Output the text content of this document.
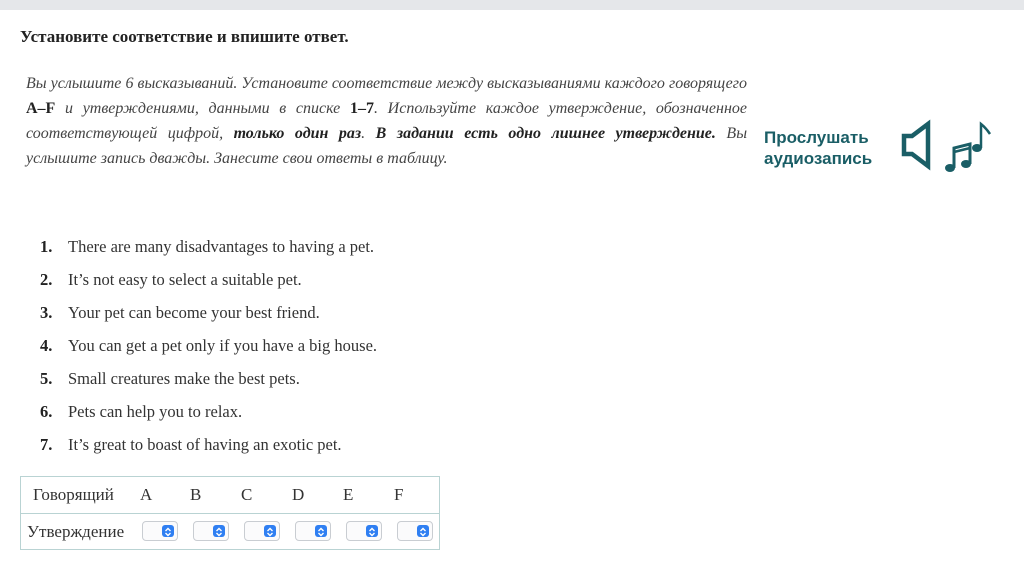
Установите соответствие и впишите ответ.
Вы услышите 6 высказываний. Установите соответствие между высказываниями каждого говорящего A–F и утверждениями, данными в списке 1–7. Используйте каждое утверждение, обозначенное соответствующей цифрой, только один раз. В задании есть одно лишнее утверждение. Вы услышите запись дважды. Занесите свои ответы в таблицу.
Прослушать
аудиозапись
1. There are many disadvantages to having a pet.
2. It’s not easy to select a suitable pet.
3. Your pet can become your best friend.
4. You can get a pet only if you have a big house.
5. Small creatures make the best pets.
6. Pets can help you to relax.
7. It’s great to boast of having an exotic pet.
Говорящий A B C D E F
Утверждение
